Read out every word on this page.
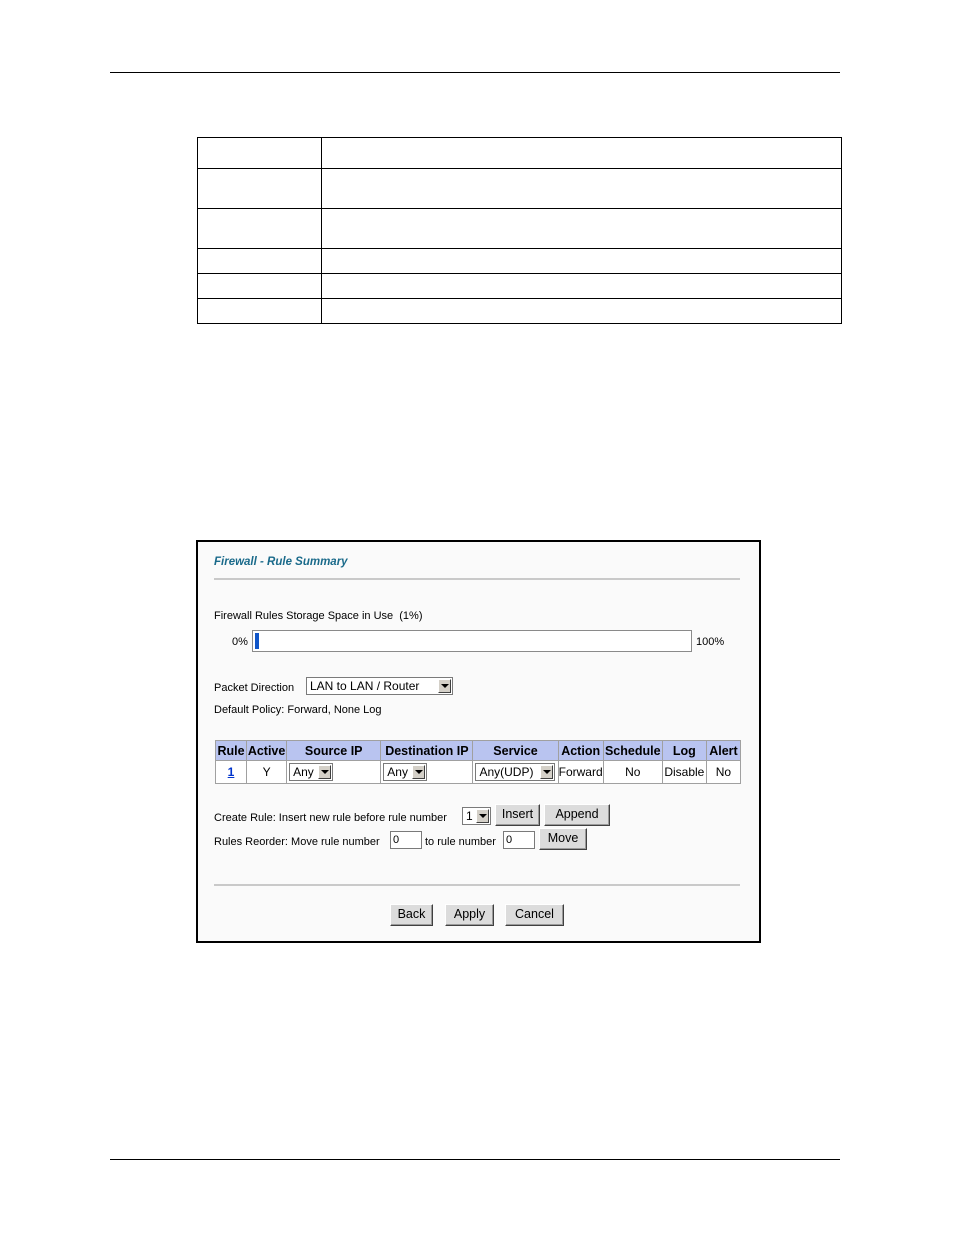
Firewall - Rule Summary
Firewall Rules Storage Space in Use (1%)
0%	100%
Packet Direction	LAN to LAN / Router
Default Policy: Forward, None Log
Rule	Active	Source IP	Destination IP	Service	Action	Schedule	Log	Alert
1	Y	Any	Any	Any(UDP)	Forward	No	Disable	No
Create Rule: Insert new rule before rule number	1	Insert	Append
Rules Reorder: Move rule number 0	to rule number 0	Move
Back	Apply	Cancel
